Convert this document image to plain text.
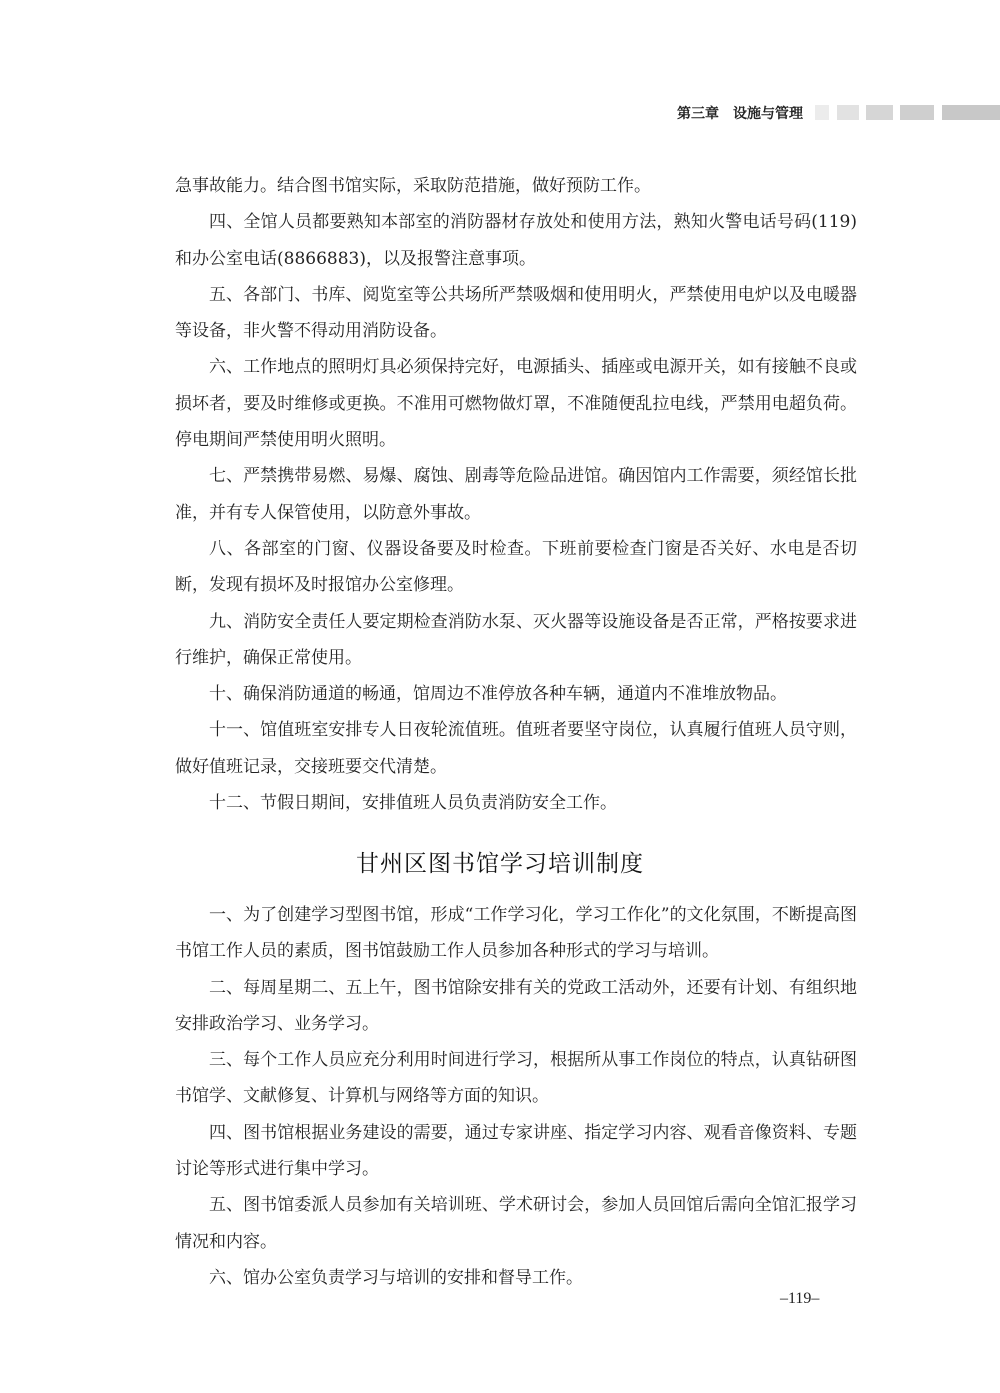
第三章　设施与管理

急事故能力。结合图书馆实际，采取防范措施，做好预防工作。

四、全馆人员都要熟知本部室的消防器材存放处和使用方法，熟知火警电话号码(119)和办公室电话(8866883)，以及报警注意事项。

五、各部门、书库、阅览室等公共场所严禁吸烟和使用明火，严禁使用电炉以及电暖器等设备，非火警不得动用消防设备。

六、工作地点的照明灯具必须保持完好，电源插头、插座或电源开关，如有接触不良或损坏者，要及时维修或更换。不准用可燃物做灯罩，不准随便乱拉电线，严禁用电超负荷。停电期间严禁使用明火照明。

七、严禁携带易燃、易爆、腐蚀、剧毒等危险品进馆。确因馆内工作需要，须经馆长批准，并有专人保管使用，以防意外事故。

八、各部室的门窗、仪器设备要及时检查。下班前要检查门窗是否关好、水电是否切断，发现有损坏及时报馆办公室修理。

九、消防安全责任人要定期检查消防水泵、灭火器等设施设备是否正常，严格按要求进行维护，确保正常使用。

十、确保消防通道的畅通，馆周边不准停放各种车辆，通道内不准堆放物品。

十一、馆值班室安排专人日夜轮流值班。值班者要坚守岗位，认真履行值班人员守则，做好值班记录，交接班要交代清楚。

十二、节假日期间，安排值班人员负责消防安全工作。

甘州区图书馆学习培训制度

一、为了创建学习型图书馆，形成“工作学习化，学习工作化”的文化氛围，不断提高图书馆工作人员的素质，图书馆鼓励工作人员参加各种形式的学习与培训。

二、每周星期二、五上午，图书馆除安排有关的党政工活动外，还要有计划、有组织地安排政治学习、业务学习。

三、每个工作人员应充分利用时间进行学习，根据所从事工作岗位的特点，认真钻研图书馆学、文献修复、计算机与网络等方面的知识。

四、图书馆根据业务建设的需要，通过专家讲座、指定学习内容、观看音像资料、专题讨论等形式进行集中学习。

五、图书馆委派人员参加有关培训班、学术研讨会，参加人员回馆后需向全馆汇报学习情况和内容。

六、馆办公室负责学习与培训的安排和督导工作。

–119–
